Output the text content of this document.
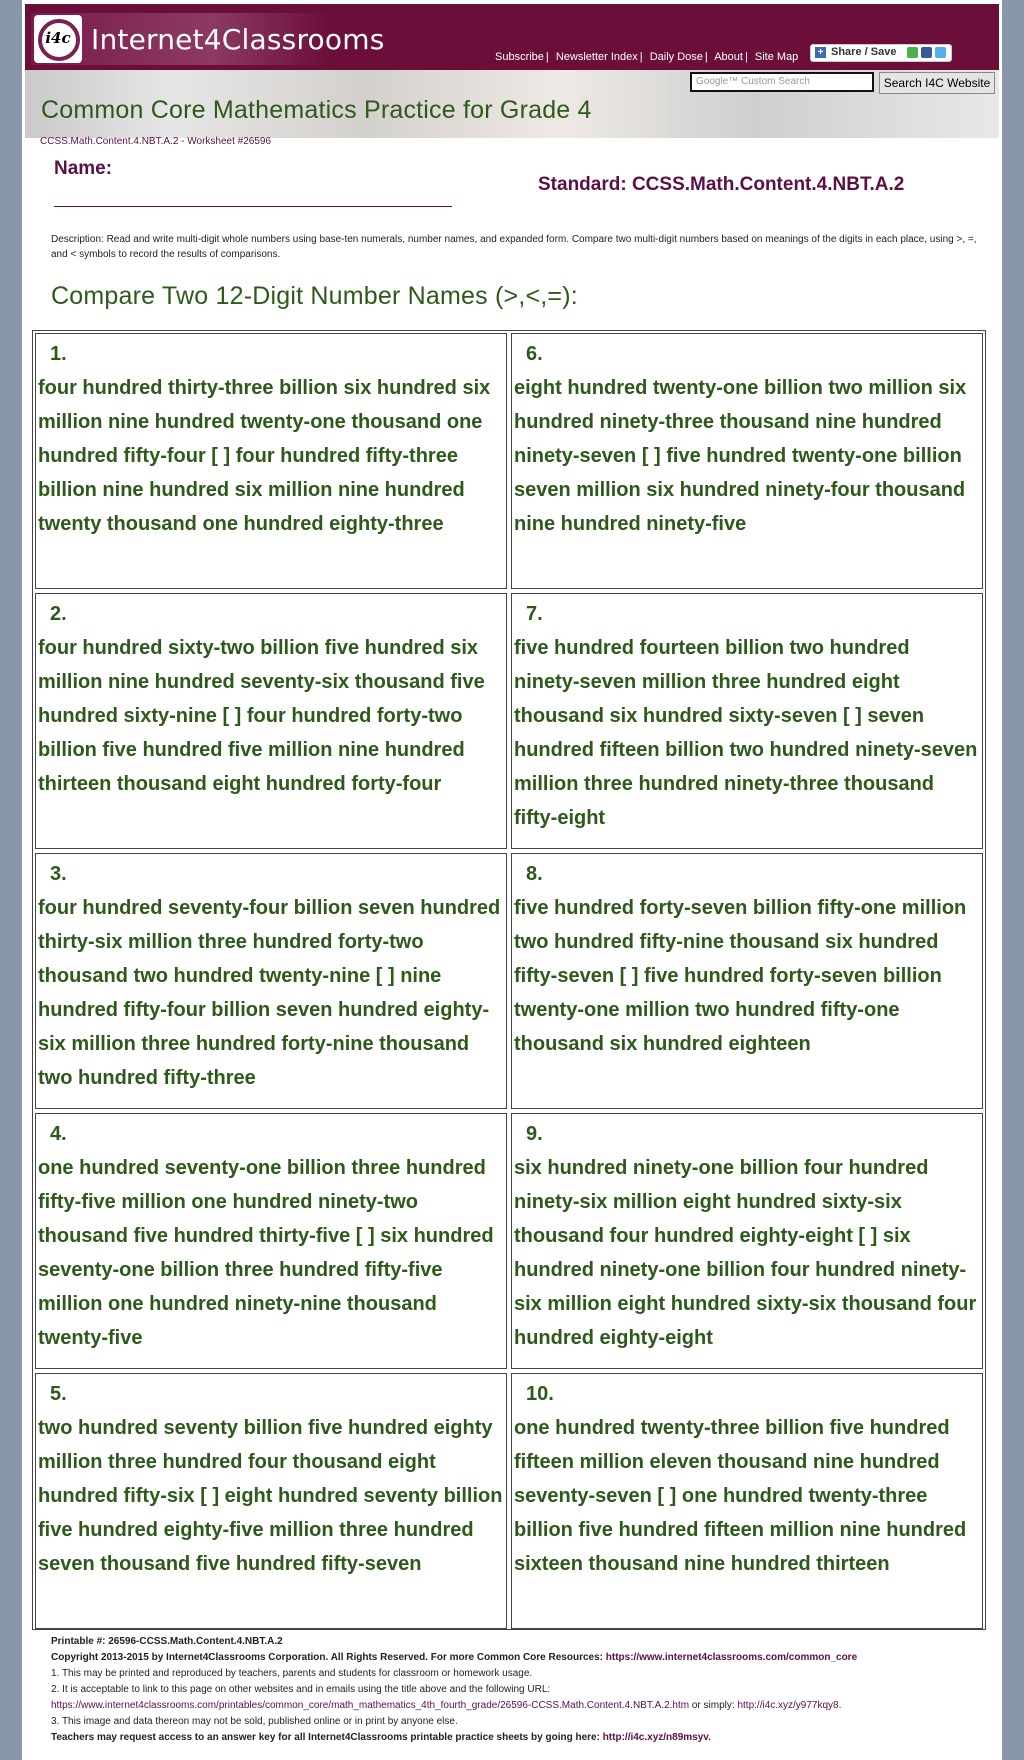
i4c Internet4Classrooms
Subscribe | Newsletter Index | Daily Dose | About | Site Map + Share / Save
Google™ Custom Search	Search I4C Website
Common Core Mathematics Practice for Grade 4
CCSS.Math.Content.4.NBT.A.2 - Worksheet #26596
Name:
Standard: CCSS.Math.Content.4.NBT.A.2
Description: Read and write multi-digit whole numbers using base-ten numerals, number names, and expanded form. Compare two multi-digit numbers based on meanings of the digits in each place, using >, =, and < symbols to record the results of comparisons.
Compare Two 12-Digit Number Names (>,<,=):
1.
four hundred thirty-three billion six hundred six million nine hundred twenty-one thousand one hundred fifty-four [ ] four hundred fifty-three billion nine hundred six million nine hundred twenty thousand one hundred eighty-three
6.
eight hundred twenty-one billion two million six hundred ninety-three thousand nine hundred ninety-seven [ ] five hundred twenty-one billion seven million six hundred ninety-four thousand nine hundred ninety-five
2.
four hundred sixty-two billion five hundred six million nine hundred seventy-six thousand five hundred sixty-nine [ ] four hundred forty-two billion five hundred five million nine hundred thirteen thousand eight hundred forty-four
7.
five hundred fourteen billion two hundred ninety-seven million three hundred eight thousand six hundred sixty-seven [ ] seven hundred fifteen billion two hundred ninety-seven million three hundred ninety-three thousand fifty-eight
3.
four hundred seventy-four billion seven hundred thirty-six million three hundred forty-two thousand two hundred twenty-nine [ ] nine hundred fifty-four billion seven hundred eighty-six million three hundred forty-nine thousand two hundred fifty-three
8.
five hundred forty-seven billion fifty-one million two hundred fifty-nine thousand six hundred fifty-seven [ ] five hundred forty-seven billion twenty-one million two hundred fifty-one thousand six hundred eighteen
4.
one hundred seventy-one billion three hundred fifty-five million one hundred ninety-two thousand five hundred thirty-five [ ] six hundred seventy-one billion three hundred fifty-five million one hundred ninety-nine thousand twenty-five
9.
six hundred ninety-one billion four hundred ninety-six million eight hundred sixty-six thousand four hundred eighty-eight [ ] six hundred ninety-one billion four hundred ninety-six million eight hundred sixty-six thousand four hundred eighty-eight
5.
two hundred seventy billion five hundred eighty million three hundred four thousand eight hundred fifty-six [ ] eight hundred seventy billion five hundred eighty-five million three hundred seven thousand five hundred fifty-seven
10.
one hundred twenty-three billion five hundred fifteen million eleven thousand nine hundred seventy-seven [ ] one hundred twenty-three billion five hundred fifteen million nine hundred sixteen thousand nine hundred thirteen
Printable #: 26596-CCSS.Math.Content.4.NBT.A.2
Copyright 2013-2015 by Internet4Classrooms Corporation. All Rights Reserved. For more Common Core Resources: https://www.internet4classrooms.com/common_core
1. This may be printed and reproduced by teachers, parents and students for classroom or homework usage.
2. It is acceptable to link to this page on other websites and in emails using the title above and the following URL:
https://www.internet4classrooms.com/printables/common_core/math_mathematics_4th_fourth_grade/26596-CCSS.Math.Content.4.NBT.A.2.htm or simply: http://i4c.xyz/y977kqy8.
3. This image and data thereon may not be sold, published online or in print by anyone else.
Teachers may request access to an answer key for all Internet4Classrooms printable practice sheets by going here: http://i4c.xyz/n89msyv.
